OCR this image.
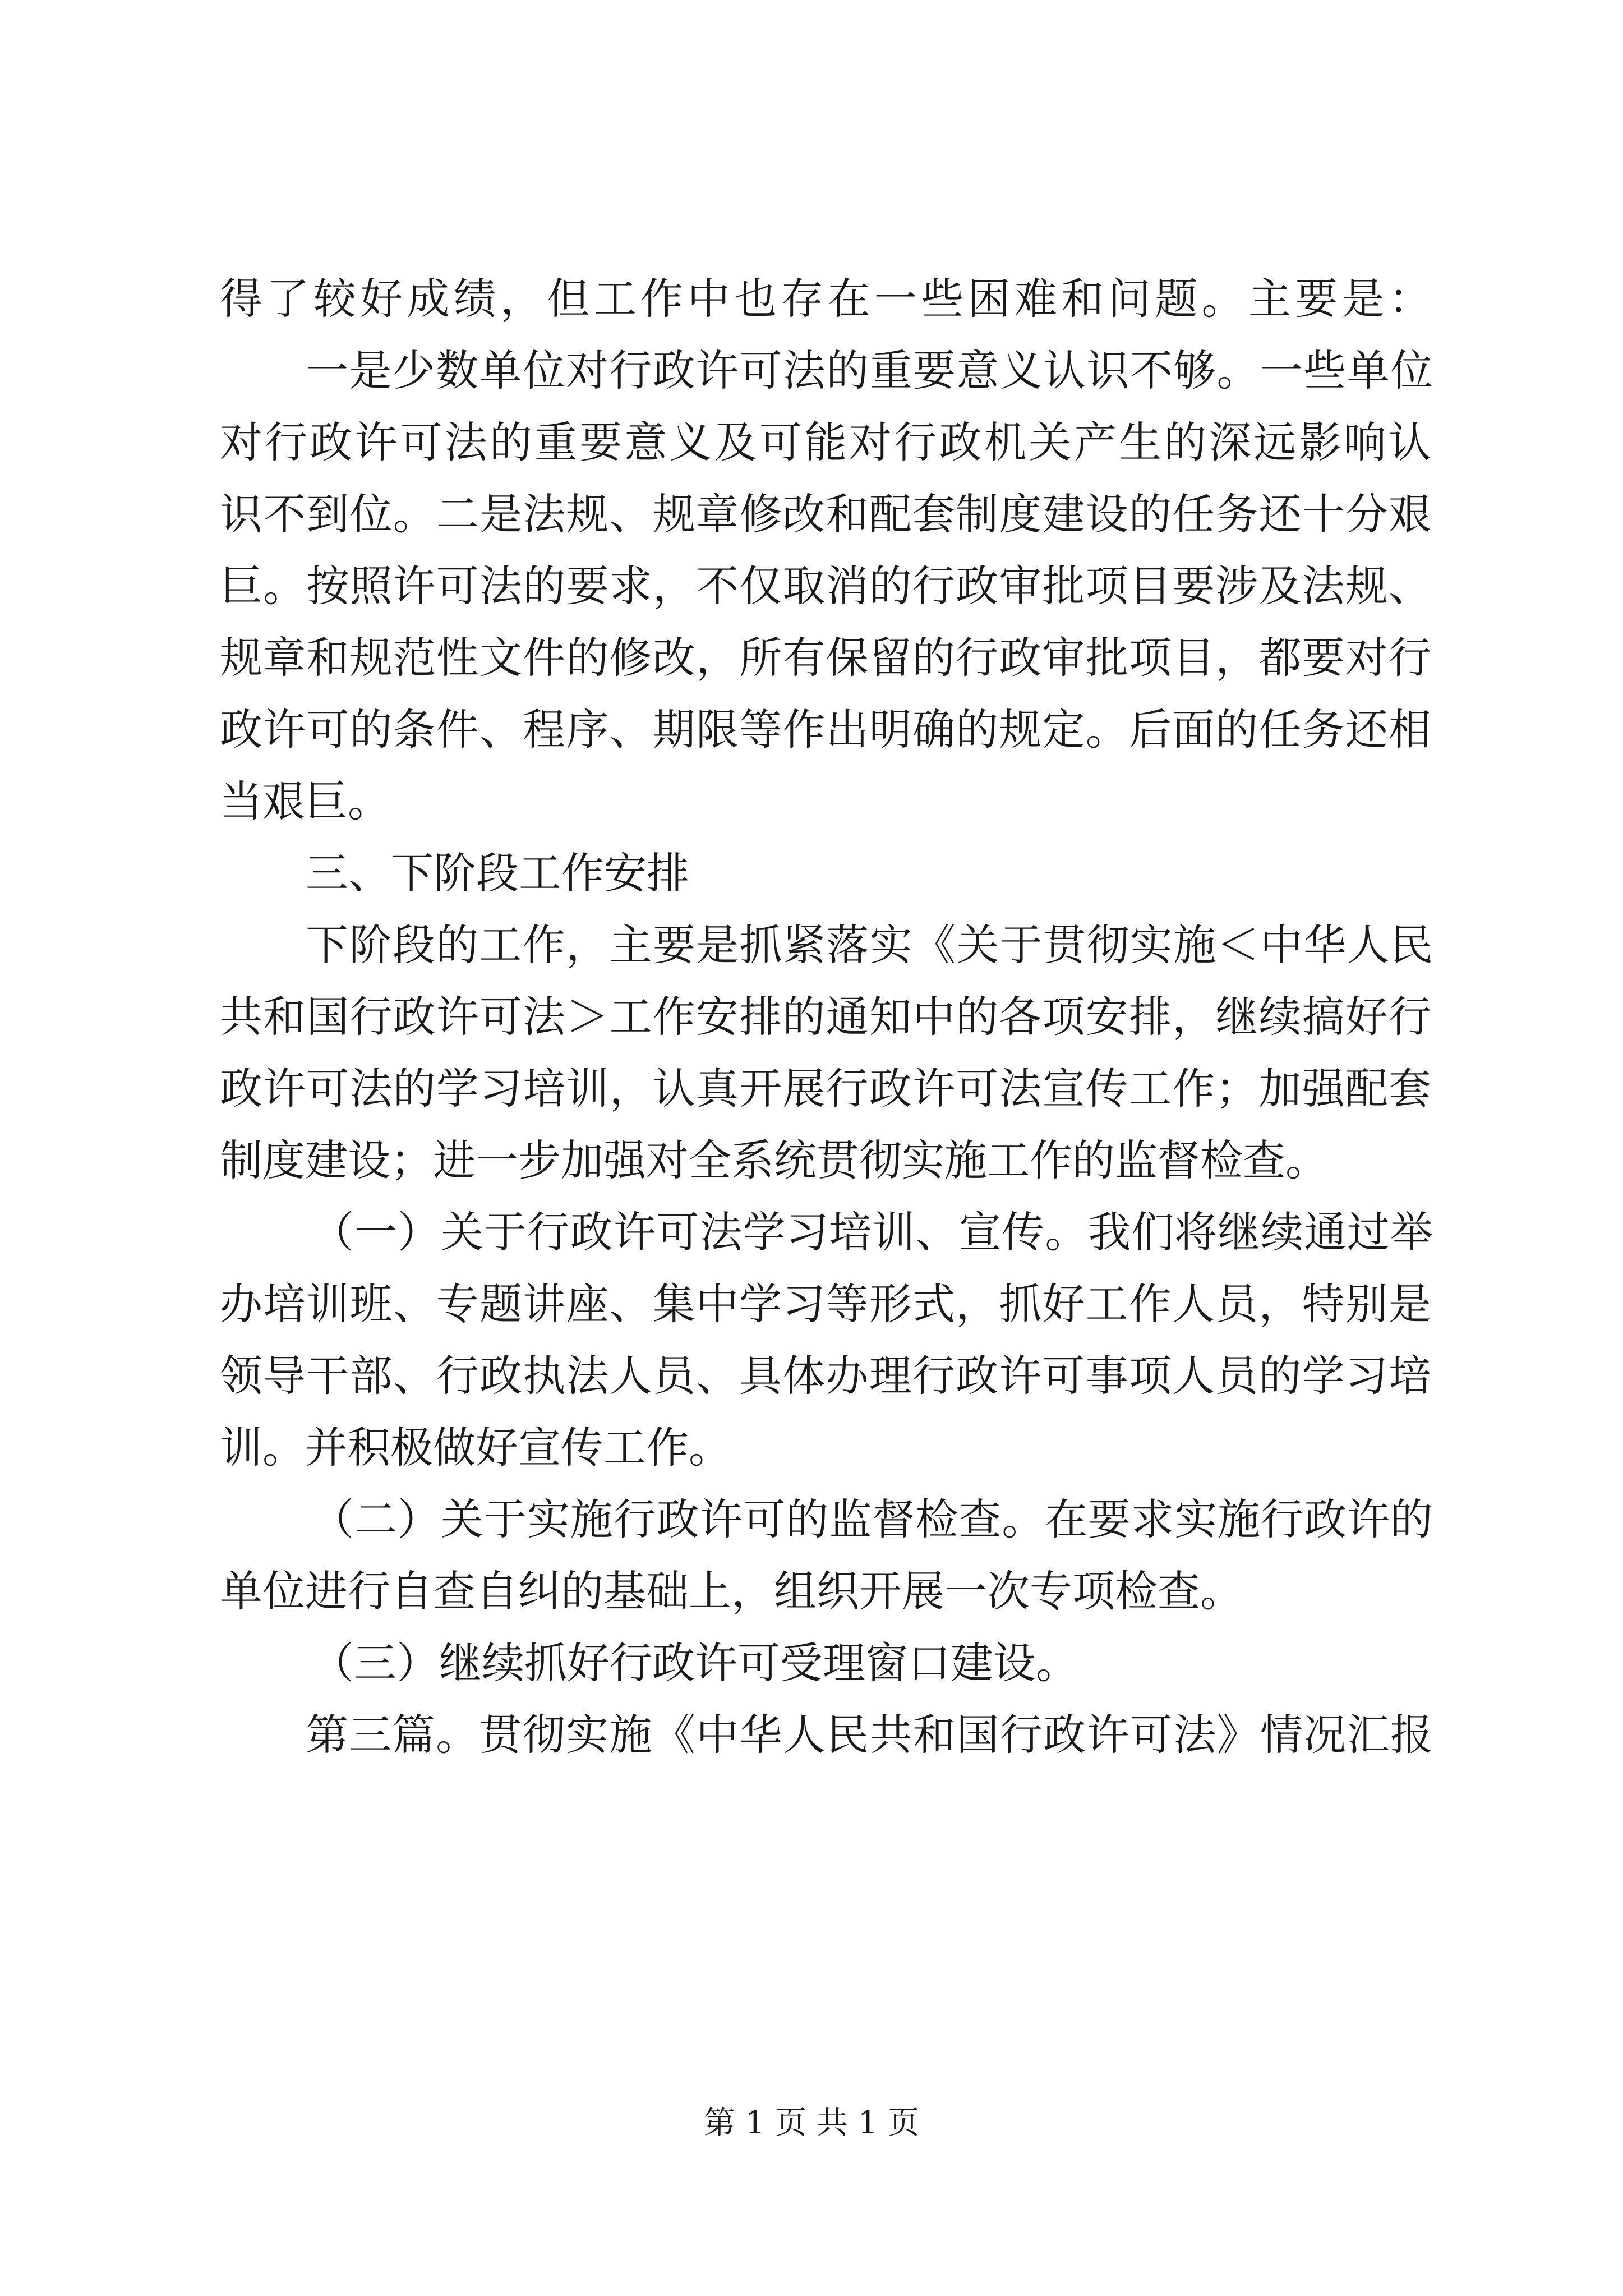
得了较好成绩，但工作中也存在一些困难和问题。主要是：
一是少数单位对行政许可法的重要意义认识不够。一些单位
对行政许可法的重要意义及可能对行政机关产生的深远影响认
识不到位。二是法规、规章修改和配套制度建设的任务还十分艰
巨。按照许可法的要求，不仅取消的行政审批项目要涉及法规、
规章和规范性文件的修改，所有保留的行政审批项目，都要对行
政许可的条件、程序、期限等作出明确的规定。后面的任务还相
当艰巨。
三、下阶段工作安排
下阶段的工作，主要是抓紧落实《关于贯彻实施＜中华人民
共和国行政许可法＞工作安排的通知中的各项安排，继续搞好行
政许可法的学习培训，认真开展行政许可法宣传工作；加强配套
制度建设；进一步加强对全系统贯彻实施工作的监督检查。
（一）关于行政许可法学习培训、宣传。我们将继续通过举
办培训班、专题讲座、集中学习等形式，抓好工作人员，特别是
领导干部、行政执法人员、具体办理行政许可事项人员的学习培
训。并积极做好宣传工作。
（二）关于实施行政许可的监督检查。在要求实施行政许的
单位进行自查自纠的基础上，组织开展一次专项检查。
（三）继续抓好行政许可受理窗口建设。
第三篇。贯彻实施《中华人民共和国行政许可法》情况汇报
第 1 页 共 1 页
